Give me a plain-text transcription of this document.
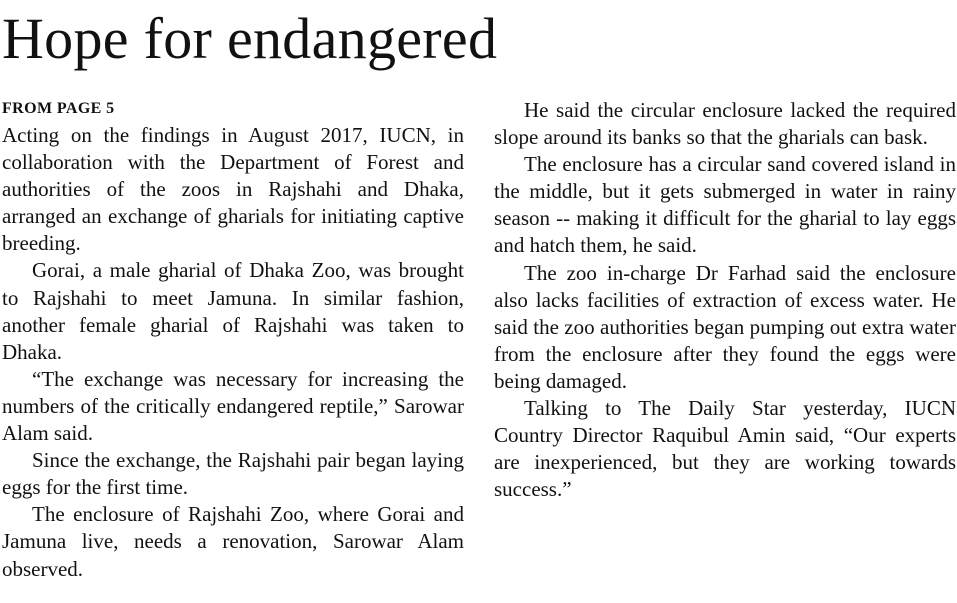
Hope for endangered
FROM PAGE 5

Acting on the findings in August 2017, IUCN, in collaboration with the Department of Forest and authorities of the zoos in Rajshahi and Dhaka, arranged an exchange of gharials for initiating captive breeding.

Gorai, a male gharial of Dhaka Zoo, was brought to Rajshahi to meet Jamuna. In similar fashion, another female gharial of Rajshahi was taken to Dhaka.

“The exchange was necessary for increasing the numbers of the critically endangered reptile,” Sarowar Alam said.

Since the exchange, the Rajshahi pair began laying eggs for the first time.

The enclosure of Rajshahi Zoo, where Gorai and Jamuna live, needs a renovation, Sarowar Alam observed.

He said the circular enclosure lacked the required slope around its banks so that the gharials can bask.

The enclosure has a circular sand covered island in the middle, but it gets submerged in water in rainy season -- making it difficult for the gharial to lay eggs and hatch them, he said.

The zoo in-charge Dr Farhad said the enclosure also lacks facilities of extraction of excess water. He said the zoo authorities began pumping out extra water from the enclosure after they found the eggs were being damaged.

Talking to The Daily Star yesterday, IUCN Country Director Raquibul Amin said, “Our experts are inexperienced, but they are working towards success.”
